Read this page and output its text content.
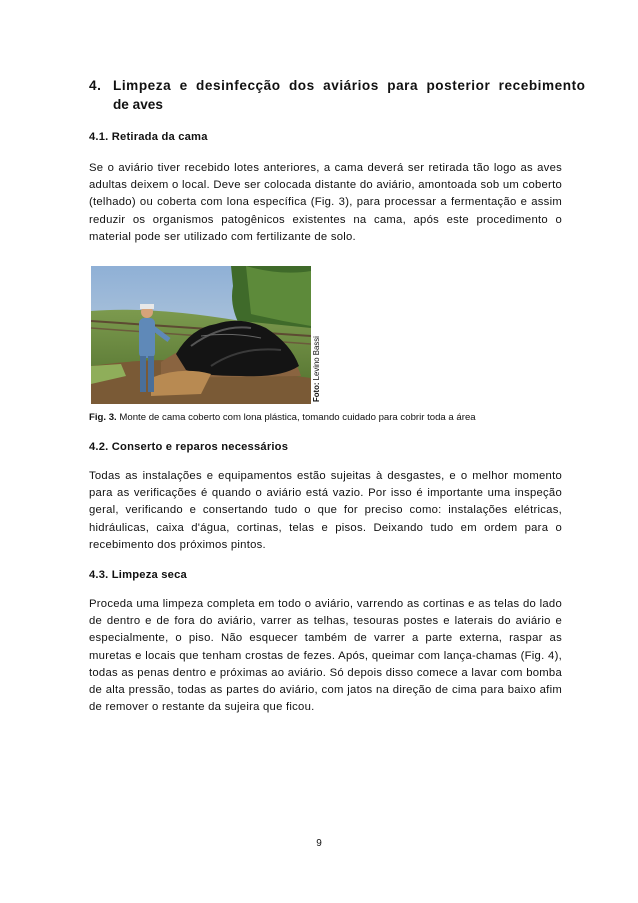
4. Limpeza e desinfecção dos aviários para posterior recebimento
de aves
4.1. Retirada da cama

Se o aviário tiver recebido lotes anteriores, a cama deverá ser retirada tão logo as aves adultas deixem o local. Deve ser colocada distante do aviário, amontoada sob um coberto (telhado) ou coberta com lona específica (Fig. 3), para processar a fermentação e assim reduzir os organismos patogênicos existentes na cama, após este procedimento o material pode ser utilizado com fertilizante de solo.

Foto: Levino Bassi
Fig. 3. Monte de cama coberto com lona plástica, tomando cuidado para cobrir toda a área
4.2. Conserto e reparos necessários

Todas as instalações e equipamentos estão sujeitas à desgastes, e o melhor momento para as verificações é quando o aviário está vazio. Por isso é importante uma inspeção geral, verificando e consertando tudo o que for preciso como: instalações elétricas, hidráulicas, caixa d'água, cortinas, telas e pisos. Deixando tudo em ordem para o recebimento dos próximos pintos.

4.3. Limpeza seca

Proceda uma limpeza completa em todo o aviário, varrendo as cortinas e as telas do lado de dentro e de fora do aviário, varrer as telhas, tesouras postes e laterais do aviário e especialmente, o piso. Não esquecer também de varrer a parte externa, raspar as muretas e locais que tenham crostas de fezes. Após, queimar com lança-chamas (Fig. 4), todas as penas dentro e próximas ao aviário. Só depois disso comece a lavar com bomba de alta pressão, todas as partes do aviário, com jatos na direção de cima para baixo afim de remover o restante da sujeira que ficou.

9
